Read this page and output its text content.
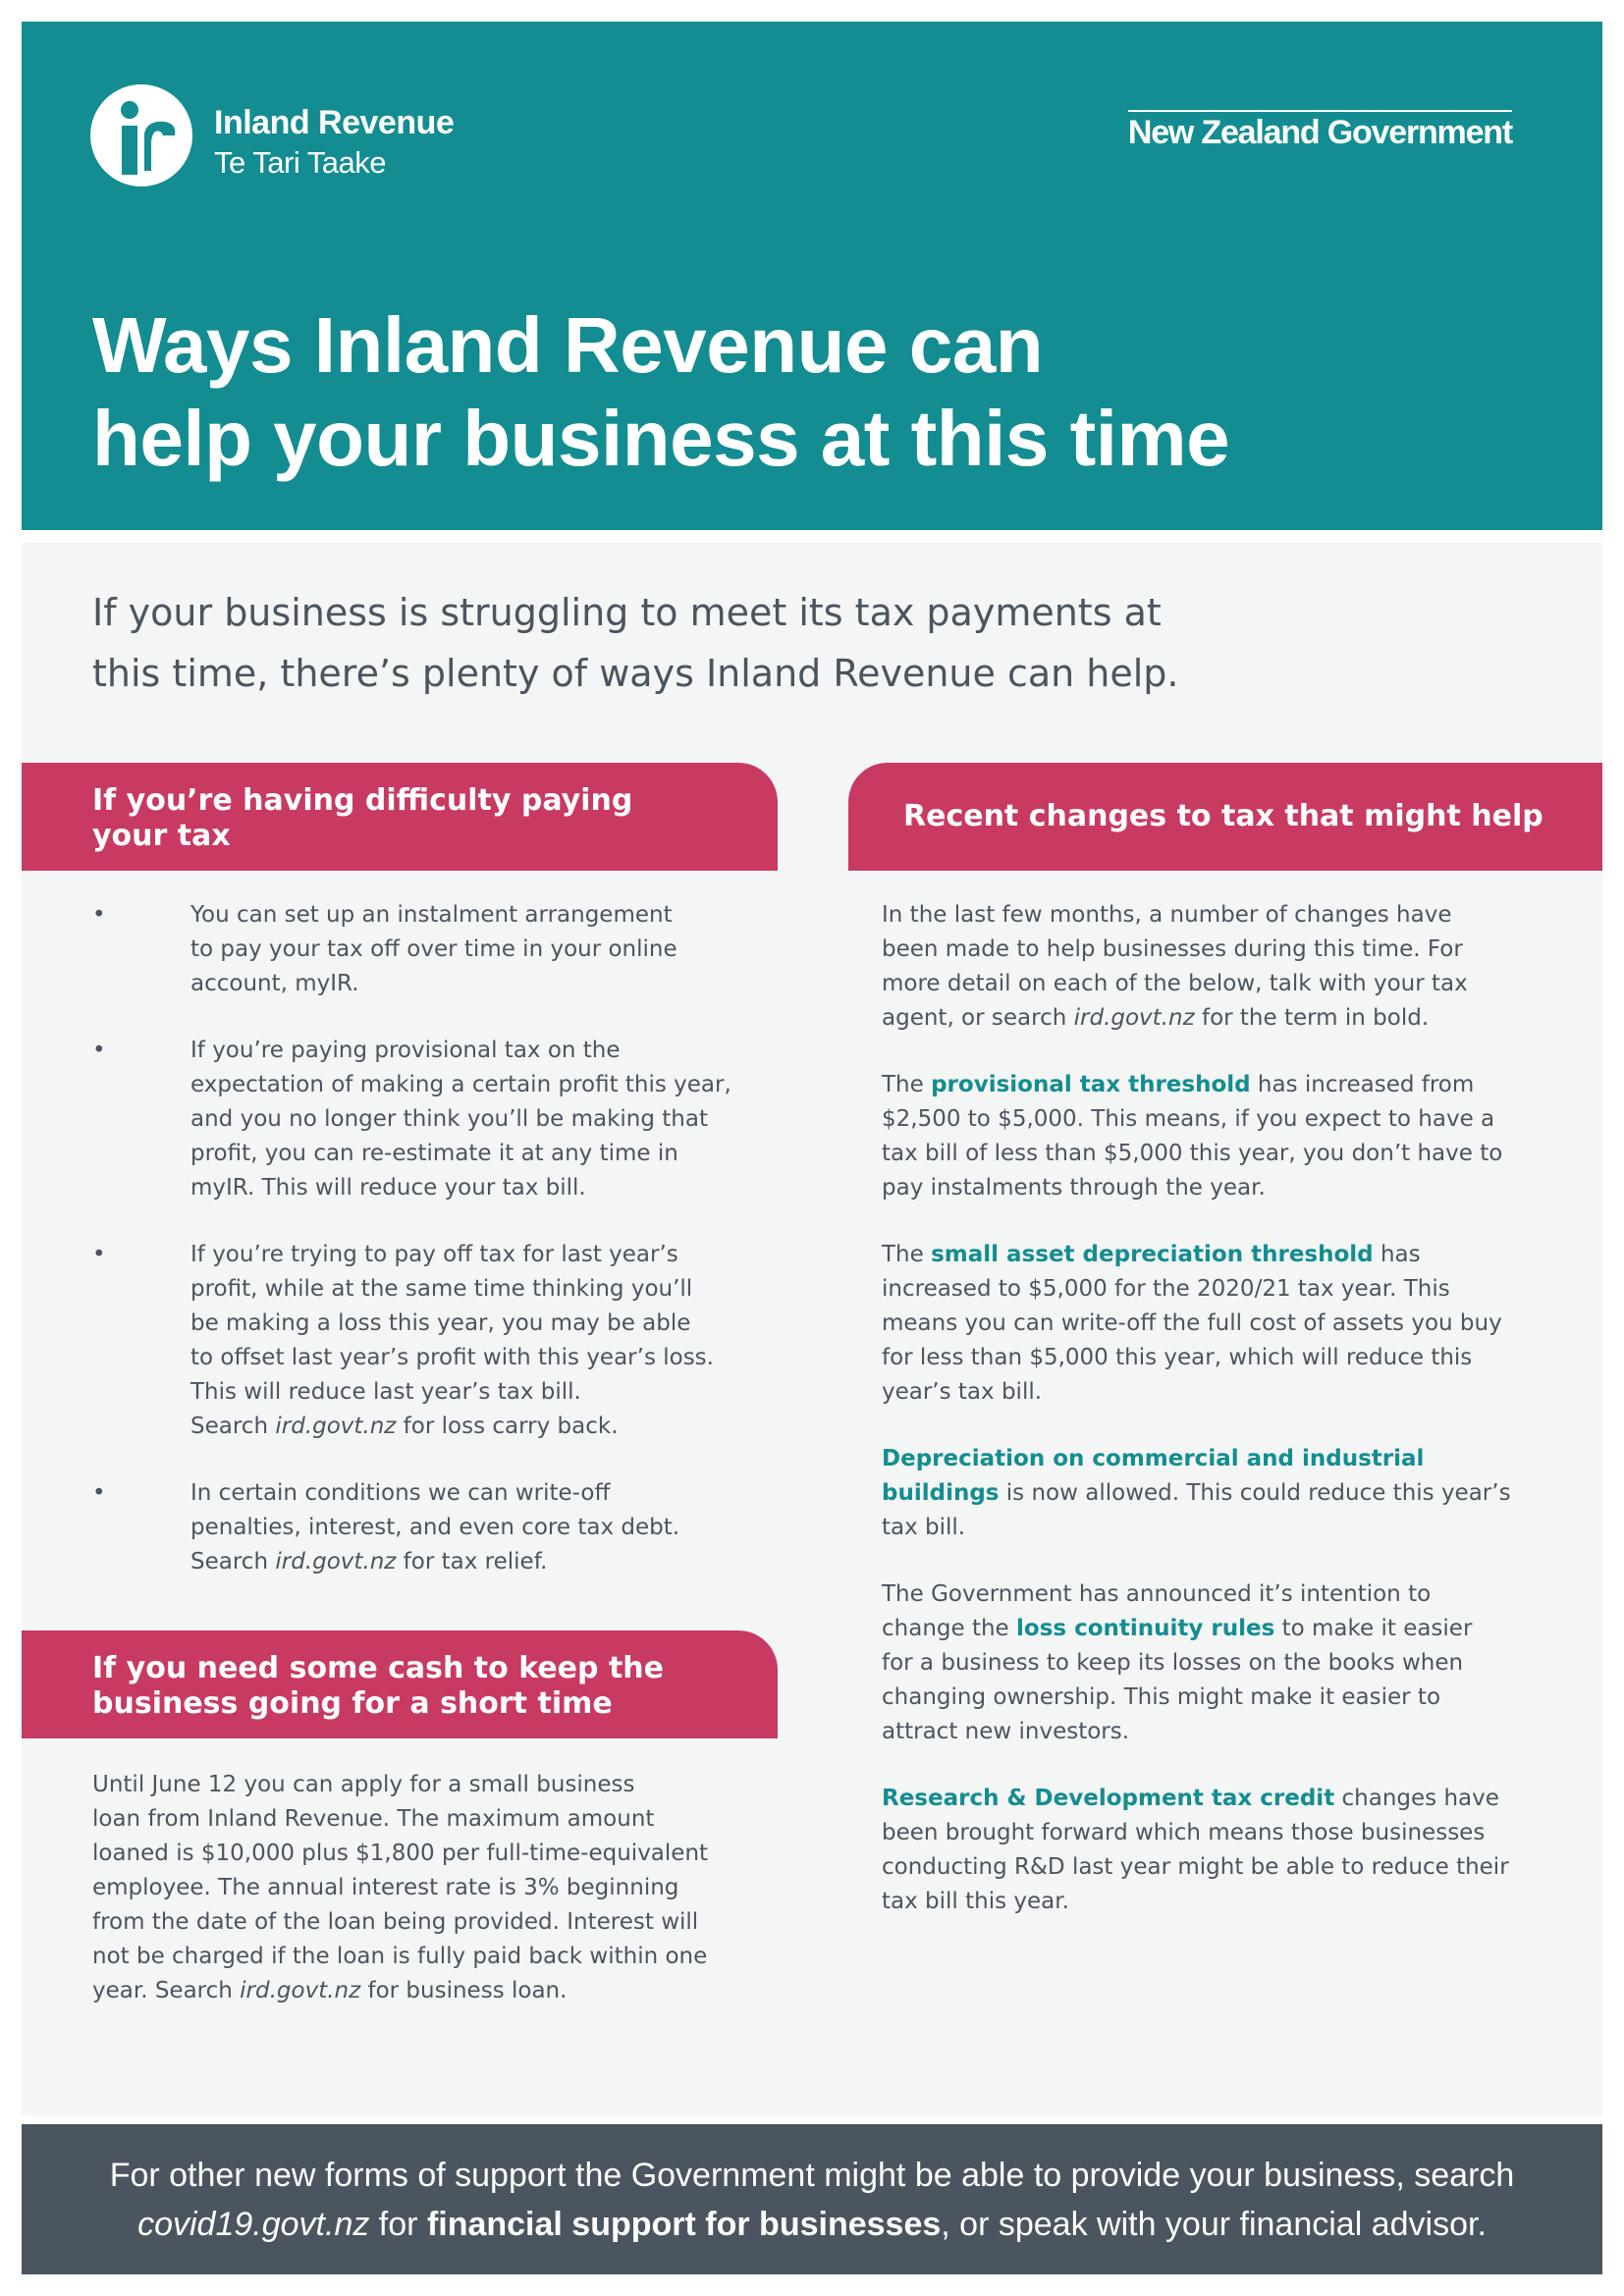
Inland Revenue
Te Tari Taake
New Zealand Government
Ways Inland Revenue can
help your business at this time

If your business is struggling to meet its tax payments at
this time, there’s plenty of ways Inland Revenue can help.

If you’re having difficulty paying
your tax
Recent changes to tax that might help
•	You can set up an instalment arrangement
to pay your tax off over time in your online
account, myIR.
•	If you’re paying provisional tax on the
expectation of making a certain profit this year,
and you no longer think you’ll be making that
profit, you can re-estimate it at any time in
myIR. This will reduce your tax bill.
•	If you’re trying to pay off tax for last year’s
profit, while at the same time thinking you’ll
be making a loss this year, you may be able
to offset last year’s profit with this year’s loss.
This will reduce last year’s tax bill.
Search ird.govt.nz for loss carry back.
•	In certain conditions we can write-off
penalties, interest, and even core tax debt.
Search ird.govt.nz for tax relief.
If you need some cash to keep the
business going for a short time

Until June 12 you can apply for a small business
loan from Inland Revenue. The maximum amount
loaned is $10,000 plus $1,800 per full-time-equivalent
employee. The annual interest rate is 3% beginning
from the date of the loan being provided. Interest will
not be charged if the loan is fully paid back within one
year. Search ird.govt.nz for business loan.

In the last few months, a number of changes have
been made to help businesses during this time. For
more detail on each of the below, talk with your tax
agent, or search ird.govt.nz for the term in bold.

The provisional tax threshold has increased from
$2,500 to $5,000. This means, if you expect to have a
tax bill of less than $5,000 this year, you don’t have to
pay instalments through the year.

The small asset depreciation threshold has
increased to $5,000 for the 2020/21 tax year. This
means you can write-off the full cost of assets you buy
for less than $5,000 this year, which will reduce this
year’s tax bill.

Depreciation on commercial and industrial
buildings is now allowed. This could reduce this year’s
tax bill.

The Government has announced it’s intention to
change the loss continuity rules to make it easier
for a business to keep its losses on the books when
changing ownership. This might make it easier to
attract new investors.

Research & Development tax credit changes have
been brought forward which means those businesses
conducting R&D last year might be able to reduce their
tax bill this year.

For other new forms of support the Government might be able to provide your business, search
covid19.govt.nz for financial support for businesses, or speak with your financial advisor.
